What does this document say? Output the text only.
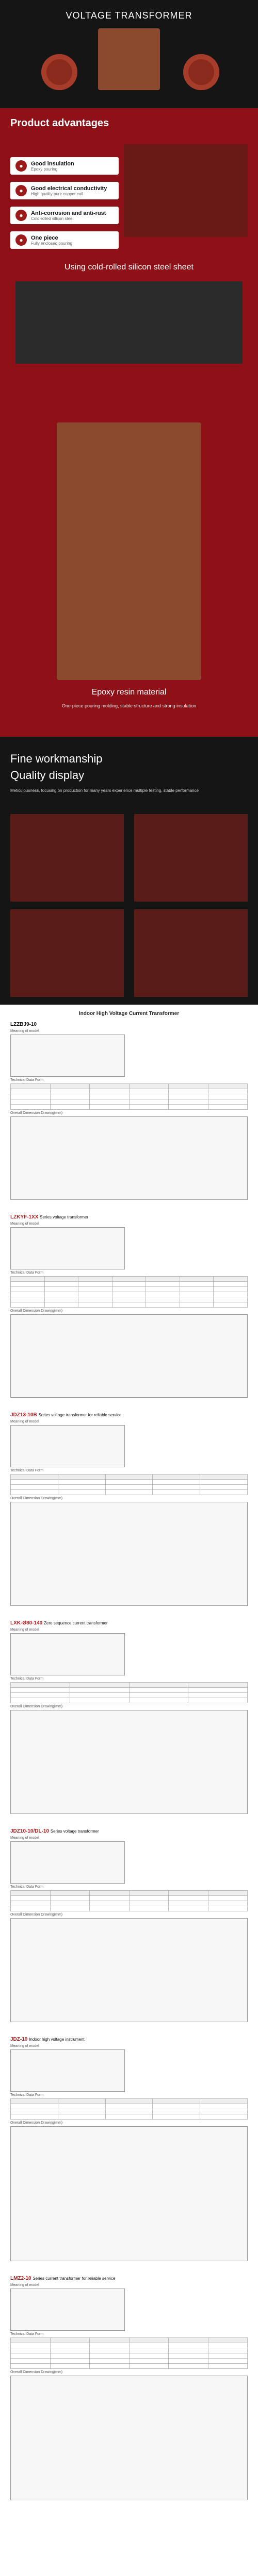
VOLTAGE TRANSFORMER
Product advantages
●	Good insulation
Epoxy pouring
●	Good electrical conductivity
High quality pure copper coil
●	Anti-corrosion and anti-rust
Cold-rolled silicon steel
●	One piece
Fully enclosed pouring
Using cold-rolled silicon steel sheet
Epoxy resin material
One-piece pouring molding, stable structure and strong insulation
Fine workmanship
Quality display
Meticulousness, focusing on production for many years experience multiple testing, stable performance
Indoor High Voltage Current Transformer
LZZBJ9-10
Meaning of model
Technical Data Form

Overall Dimension Drawing(mm)
LZKYF-1XX Series voltage transformer
Meaning of model
Technical Data Form

Overall Dimension Drawing(mm)
JDZ13-10B Series voltage transformer for reliable service
Meaning of model
Technical Data Form

Overall Dimension Drawing(mm)
LXK-Ø80-140 Zero sequence current transformer
Meaning of model
Technical Data Form

Overall Dimension Drawing(mm)
JDZ10-10/DL-10 Series voltage transformer
Meaning of model
Technical Data Form

Overall Dimension Drawing(mm)
JDZ-10 Indoor high voltage instrument
Meaning of model
Technical Data Form

Overall Dimension Drawing(mm)
LMZ2-10 Series current transformer for reliable service
Meaning of model
Technical Data Form

Overall Dimension Drawing(mm)
